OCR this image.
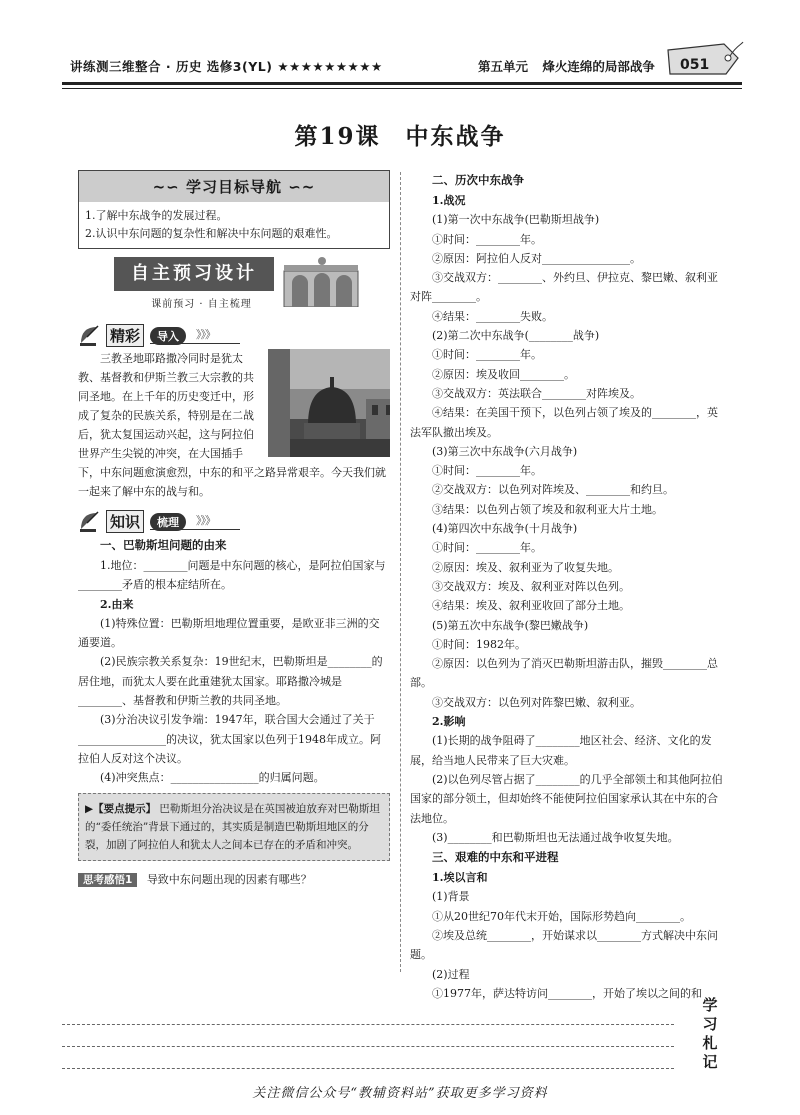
讲练测三维整合 · 历史 选修3(YL) ★★★★★★★★★	第五单元 烽火连绵的局部战争	051
第19课　中东战争
~∽ 学习目标导航 ∽~
1.了解中东战争的发展过程。
2.认识中东问题的复杂性和解决中东问题的艰难性。
自主预习设计
课前预习 · 自主梳理
精彩	导入	》》》
三教圣地耶路撒冷同时是犹太教、基督教和伊斯兰教三大宗教的共同圣地。在上千年的历史变迁中，形成了复杂的民族关系，特别是在二战后，犹太复国运动兴起，这与阿拉伯世界产生尖锐的冲突，在大国插手下，中东问题愈演愈烈，中东的和平之路异常艰辛。今天我们就一起来了解中东的战与和。
知识	梳理	》》》

一、巴勒斯坦问题的由来

1.地位：________问题是中东问题的核心，是阿拉伯国家与________矛盾的根本症结所在。

2.由来

(1)特殊位置：巴勒斯坦地理位置重要，是欧亚非三洲的交通要道。

(2)民族宗教关系复杂：19世纪末，巴勒斯坦是________的居住地，而犹太人要在此重建犹太国家。耶路撒冷城是________、基督教和伊斯兰教的共同圣地。

(3)分治决议引发争端：1947年，联合国大会通过了关于________________的决议，犹太国家以色列于1948年成立。阿拉伯人反对这个决议。

(4)冲突焦点：________________的归属问题。

▶【要点提示】 巴勒斯坦分治决议是在英国被迫放弃对巴勒斯坦的“委任统治”背景下通过的，其实质是制造巴勒斯坦地区的分裂，加剧了阿拉伯人和犹太人之间本已存在的矛盾和冲突。
思考感悟1 导致中东问题出现的因素有哪些？

二、历次中东战争

1.战况

(1)第一次中东战争(巴勒斯坦战争)

①时间：________年。

②原因：阿拉伯人反对________________。

③交战双方：________、外约旦、伊拉克、黎巴嫩、叙利亚对阵________。

④结果：________失败。

(2)第二次中东战争(________战争)

①时间：________年。

②原因：埃及收回________。

③交战双方：英法联合________对阵埃及。

④结果：在美国干预下，以色列占领了埃及的________，英法军队撤出埃及。

(3)第三次中东战争(六月战争)

①时间：________年。

②交战双方：以色列对阵埃及、________和约旦。

③结果：以色列占领了埃及和叙利亚大片土地。

(4)第四次中东战争(十月战争)

①时间：________年。

②原因：埃及、叙利亚为了收复失地。

③交战双方：埃及、叙利亚对阵以色列。

④结果：埃及、叙利亚收回了部分土地。

(5)第五次中东战争(黎巴嫩战争)

①时间：1982年。

②原因：以色列为了消灭巴勒斯坦游击队，摧毁________总部。

③交战双方：以色列对阵黎巴嫩、叙利亚。

2.影响

(1)长期的战争阻碍了________地区社会、经济、文化的发展，给当地人民带来了巨大灾难。

(2)以色列尽管占据了________的几乎全部领土和其他阿拉伯国家的部分领土，但却始终不能使阿拉伯国家承认其在中东的合法地位。

(3)________和巴勒斯坦也无法通过战争收复失地。

三、艰难的中东和平进程

1.埃以言和

(1)背景

①从20世纪70年代末开始，国际形势趋向________。

②埃及总统________，开始谋求以________方式解决中东问题。

(2)过程

①1977年，萨达特访问________，开始了埃以之间的和

学
习
札
记
关注微信公众号“教辅资料站”获取更多学习资料
